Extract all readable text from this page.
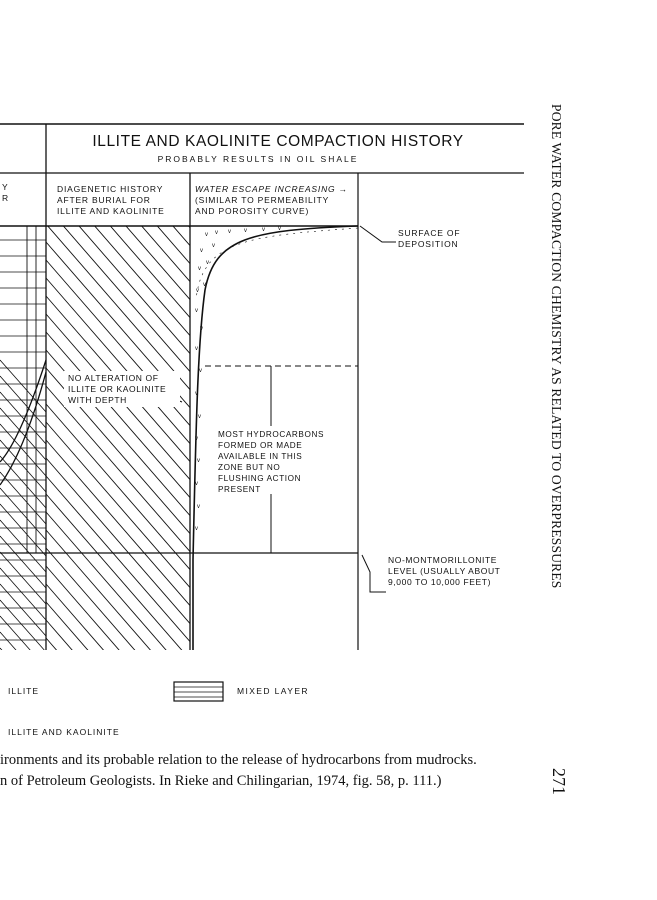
v v v v	v v
v
v
v
v
v
v
v
v
v
v
v
v
v
v
v
v
v
ILLITE AND KAOLINITE COMPACTION HISTORY
PROBABLY RESULTS IN OIL SHALE
Y
R
DIAGENETIC HISTORY
AFTER BURIAL FOR
ILLITE AND KAOLINITE
WATER ESCAPE INCREASING →
(SIMILAR TO PERMEABILITY
AND POROSITY CURVE)
NO ALTERATION OF
ILLITE OR KAOLINITE
WITH DEPTH
MOST HYDROCARBONS
FORMED OR MADE
AVAILABLE IN THIS
ZONE BUT NO
FLUSHING ACTION
PRESENT
SURFACE OF
DEPOSITION
NO-MONTMORILLONITE
LEVEL (USUALLY ABOUT
9,000 TO 10,000 FEET)
ILLITE	MIXED LAYER
ILLITE AND KAOLINITE
ironments and its probable relation to the release of hydrocarbons from mudrocks.
n of Petroleum Geologists. In Rieke and Chilingarian, 1974, fig. 58, p. 111.)
PORE WATER COMPACTION CHEMISTRY AS RELATED TO OVERPRESSURES
271
